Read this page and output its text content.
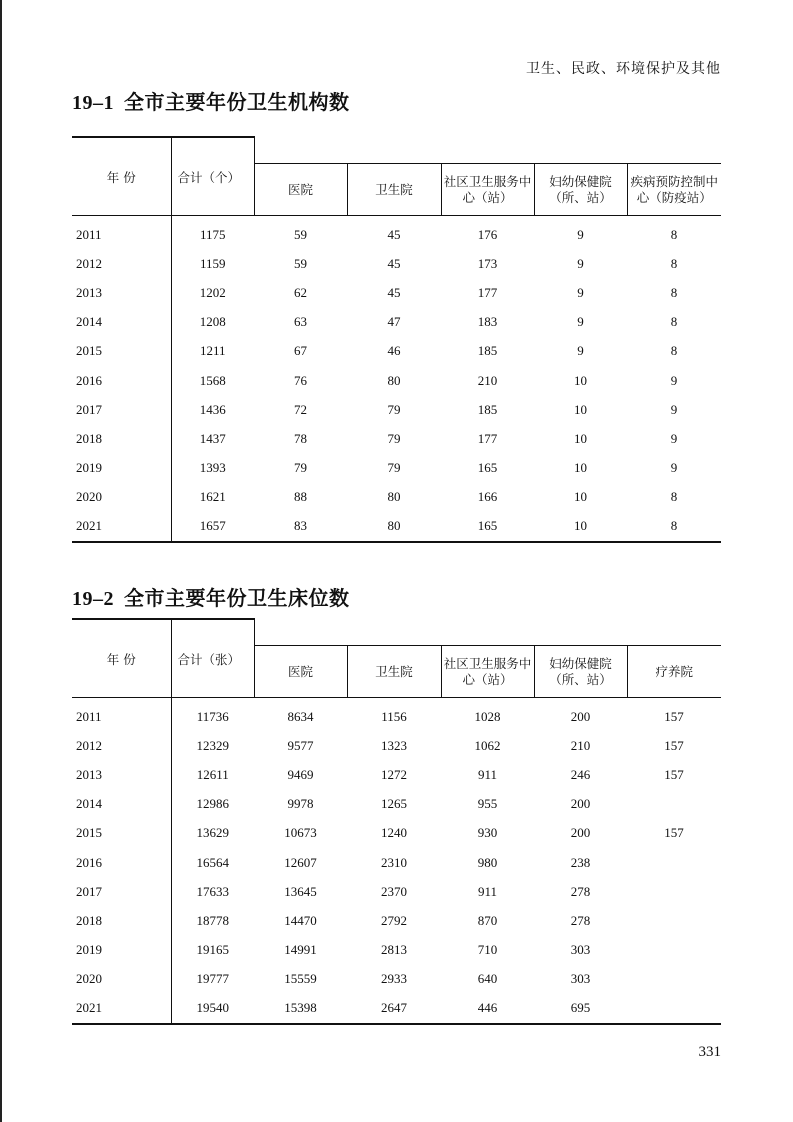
卫生、民政、环境保护及其他
19–1 全市主要年份卫生机构数
年 份	合计（个）					
		医院	卫生院	社区卫生服务中心（站）	妇幼保健院（所、站）	疾病预防控制中心（防疫站）
2011	1175	59	45	176	9	8
2012	1159	59	45	173	9	8
2013	1202	62	45	177	9	8
2014	1208	63	47	183	9	8
2015	1211	67	46	185	9	8
2016	1568	76	80	210	10	9
2017	1436	72	79	185	10	9
2018	1437	78	79	177	10	9
2019	1393	79	79	165	10	9
2020	1621	88	80	166	10	8
2021	1657	83	80	165	10	8
19–2 全市主要年份卫生床位数
年 份	合计（张）					
		医院	卫生院	社区卫生服务中心（站）	妇幼保健院（所、站）	疗养院
2011	11736	8634	1156	1028	200	157
2012	12329	9577	1323	1062	210	157
2013	12611	9469	1272	911	246	157
2014	12986	9978	1265	955	200	
2015	13629	10673	1240	930	200	157
2016	16564	12607	2310	980	238	
2017	17633	13645	2370	911	278	
2018	18778	14470	2792	870	278	
2019	19165	14991	2813	710	303	
2020	19777	15559	2933	640	303	
2021	19540	15398	2647	446	695	
331
